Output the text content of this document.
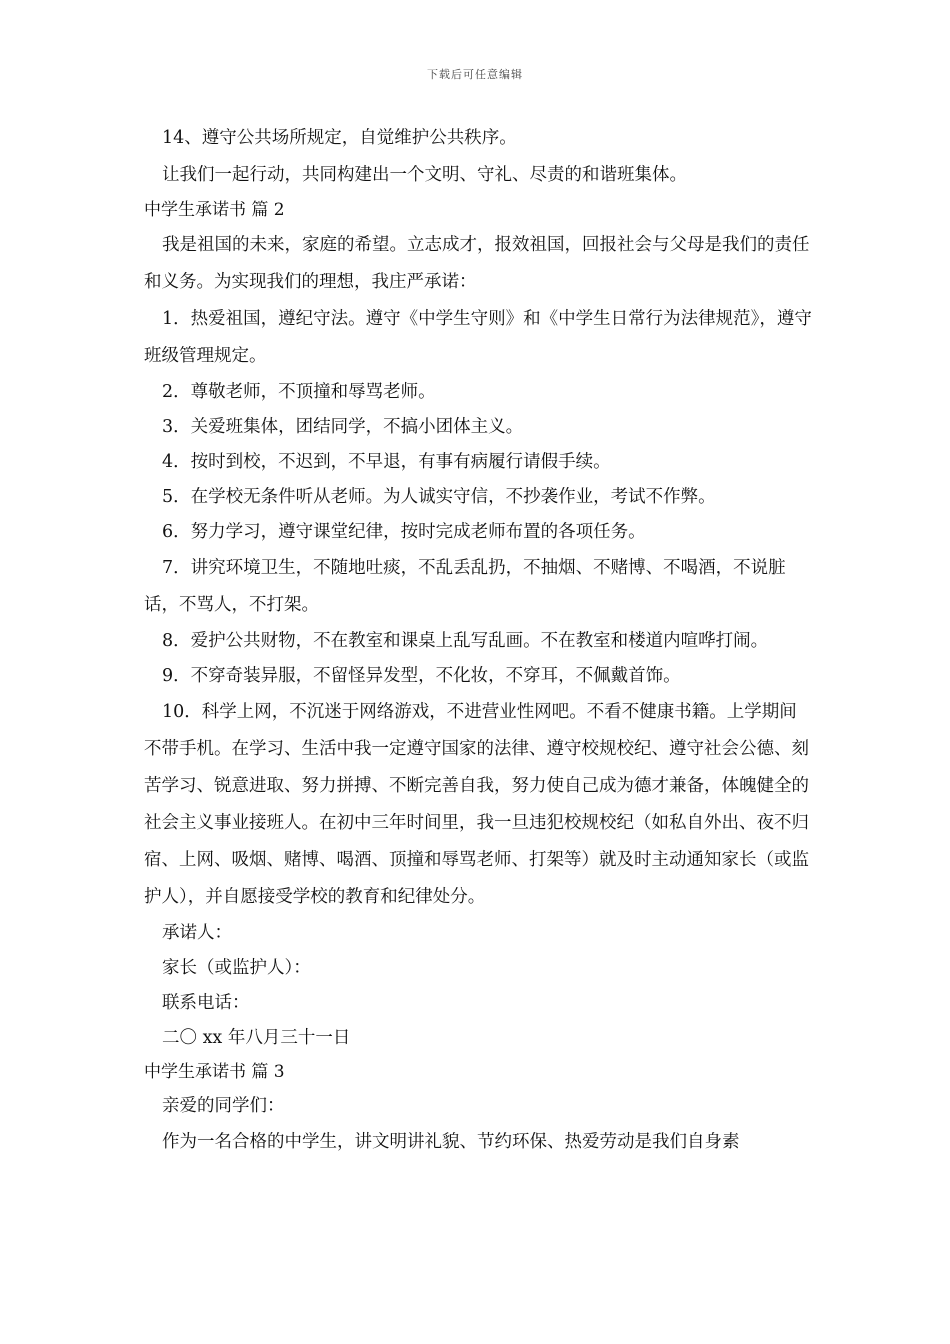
下载后可任意编辑

14、遵守公共场所规定，自觉维护公共秩序。

让我们一起行动，共同构建出一个文明、守礼、尽责的和谐班集体。

中学生承诺书 篇 2

我是祖国的未来，家庭的希望。立志成才，报效祖国，回报社会与父母是我们的责任和义务。为实现我们的理想，我庄严承诺：

1．热爱祖国，遵纪守法。遵守《中学生守则》和《中学生日常行为法律规范》，遵守班级管理规定。

2．尊敬老师，不顶撞和辱骂老师。

3．关爱班集体，团结同学，不搞小团体主义。

4．按时到校，不迟到，不早退，有事有病履行请假手续。

5．在学校无条件听从老师。为人诚实守信，不抄袭作业，考试不作弊。

6．努力学习，遵守课堂纪律，按时完成老师布置的各项任务。

7．讲究环境卫生，不随地吐痰，不乱丢乱扔，不抽烟、不赌博、不喝酒，不说脏话，不骂人，不打架。

8．爱护公共财物，不在教室和课桌上乱写乱画。不在教室和楼道内喧哗打闹。

9．不穿奇装异服，不留怪异发型，不化妆，不穿耳，不佩戴首饰。

10．科学上网，不沉迷于网络游戏，不进营业性网吧。不看不健康书籍。上学期间不带手机。在学习、生活中我一定遵守国家的法律、遵守校规校纪、遵守社会公德、刻苦学习、锐意进取、努力拼搏、不断完善自我，努力使自己成为德才兼备，体魄健全的社会主义事业接班人。在初中三年时间里，我一旦违犯校规校纪（如私自外出、夜不归宿、上网、吸烟、赌博、喝酒、顶撞和辱骂老师、打架等）就及时主动通知家长（或监护人），并自愿接受学校的教育和纪律处分。

承诺人：

家长（或监护人）：

联系电话：

二〇 xx 年八月三十一日

中学生承诺书 篇 3

亲爱的同学们：

作为一名合格的中学生，讲文明讲礼貌、节约环保、热爱劳动是我们自身素
